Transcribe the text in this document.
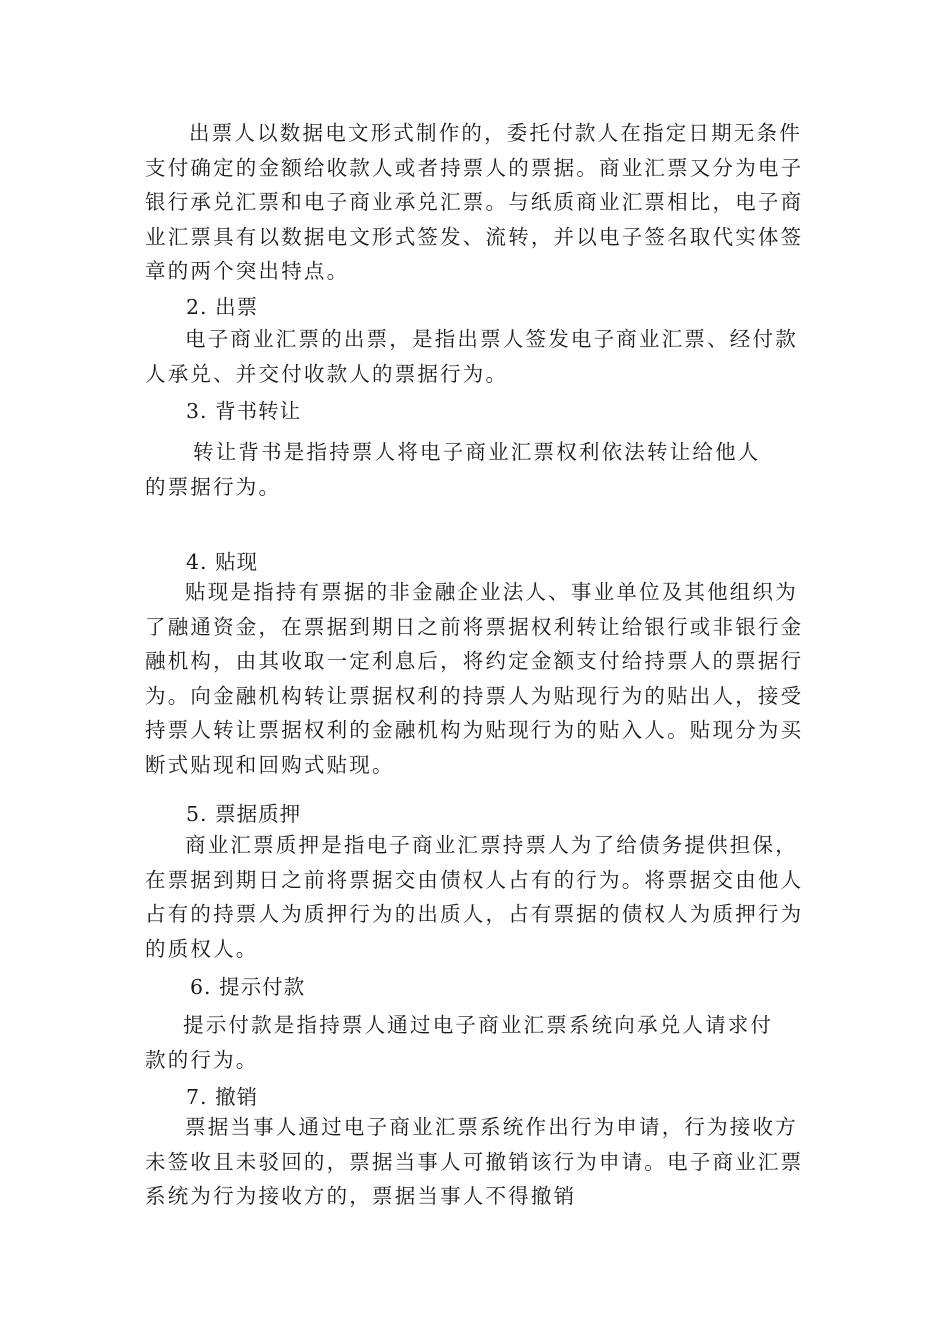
出票人以数据电文形式制作的，委托付款人在指定日期无条件
支付确定的金额给收款人或者持票人的票据。商业汇票又分为电子
银行承兑汇票和电子商业承兑汇票。与纸质商业汇票相比，电子商
业汇票具有以数据电文形式签发、流转，并以电子签名取代实体签
章的两个突出特点。

2. 出票

电子商业汇票的出票，是指出票人签发电子商业汇票、经付款
人承兑、并交付收款人的票据行为。

3. 背书转让

转让背书是指持票人将电子商业汇票权利依法转让给他人
的票据行为。

4. 贴现

贴现是指持有票据的非金融企业法人、事业单位及其他组织为
了融通资金，在票据到期日之前将票据权利转让给银行或非银行金
融机构，由其收取一定利息后，将约定金额支付给持票人的票据行
为。向金融机构转让票据权利的持票人为贴现行为的贴出人，接受
持票人转让票据权利的金融机构为贴现行为的贴入人。贴现分为买
断式贴现和回购式贴现。

5. 票据质押

商业汇票质押是指电子商业汇票持票人为了给债务提供担保，
在票据到期日之前将票据交由债权人占有的行为。将票据交由他人
占有的持票人为质押行为的出质人，占有票据的债权人为质押行为
的质权人。

6. 提示付款

提示付款是指持票人通过电子商业汇票系统向承兑人请求付
款的行为。

7. 撤销

票据当事人通过电子商业汇票系统作出行为申请，行为接收方
未签收且未驳回的，票据当事人可撤销该行为申请。电子商业汇票
系统为行为接收方的，票据当事人不得撤销
